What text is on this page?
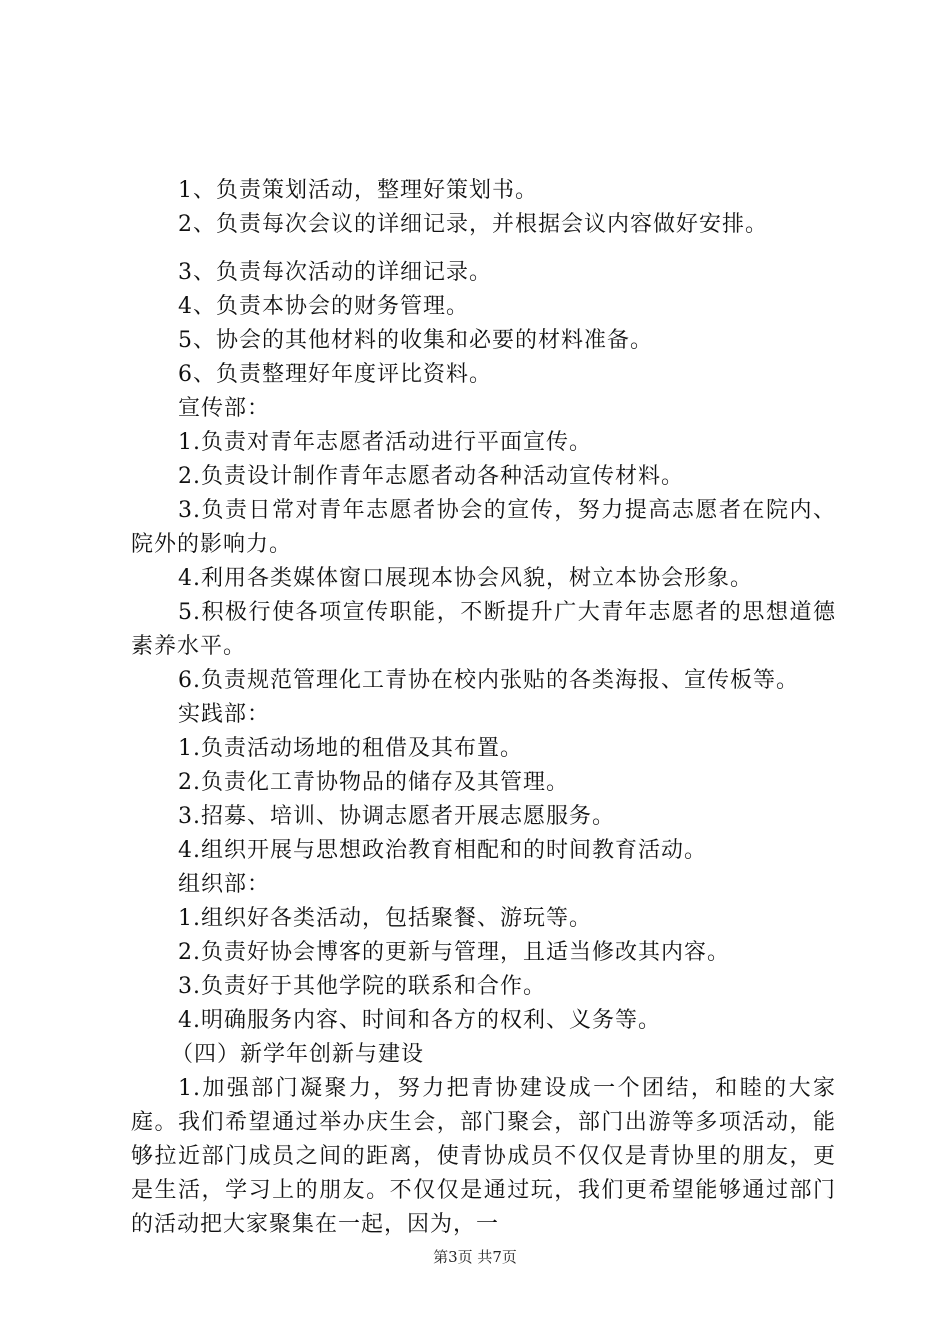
1、负责策划活动，整理好策划书。
2、负责每次会议的详细记录，并根据会议内容做好安排。
3、负责每次活动的详细记录。
4、负责本协会的财务管理。
5、协会的其他材料的收集和必要的材料准备。
6、负责整理好年度评比资料。
宣传部：
1.负责对青年志愿者活动进行平面宣传。
2.负责设计制作青年志愿者动各种活动宣传材料。
3.负责日常对青年志愿者协会的宣传，努力提高志愿者在院内、院外的影响力。
4.利用各类媒体窗口展现本协会风貌，树立本协会形象。
5.积极行使各项宣传职能，不断提升广大青年志愿者的思想道德素养水平。
6.负责规范管理化工青协在校内张贴的各类海报、宣传板等。
实践部：
1.负责活动场地的租借及其布置。
2.负责化工青协物品的储存及其管理。
3.招募、培训、协调志愿者开展志愿服务。
4.组织开展与思想政治教育相配和的时间教育活动。
组织部：
1.组织好各类活动，包括聚餐、游玩等。
2.负责好协会博客的更新与管理，且适当修改其内容。
3.负责好于其他学院的联系和合作。
4.明确服务内容、时间和各方的权利、义务等。
（四）新学年创新与建设
1.加强部门凝聚力，努力把青协建设成一个团结，和睦的大家庭。我们希望通过举办庆生会，部门聚会，部门出游等多项活动，能够拉近部门成员之间的距离，使青协成员不仅仅是青协里的朋友，更是生活，学习上的朋友。不仅仅是通过玩，我们更希望能够通过部门的活动把大家聚集在一起，因为，一
第3页 共7页
